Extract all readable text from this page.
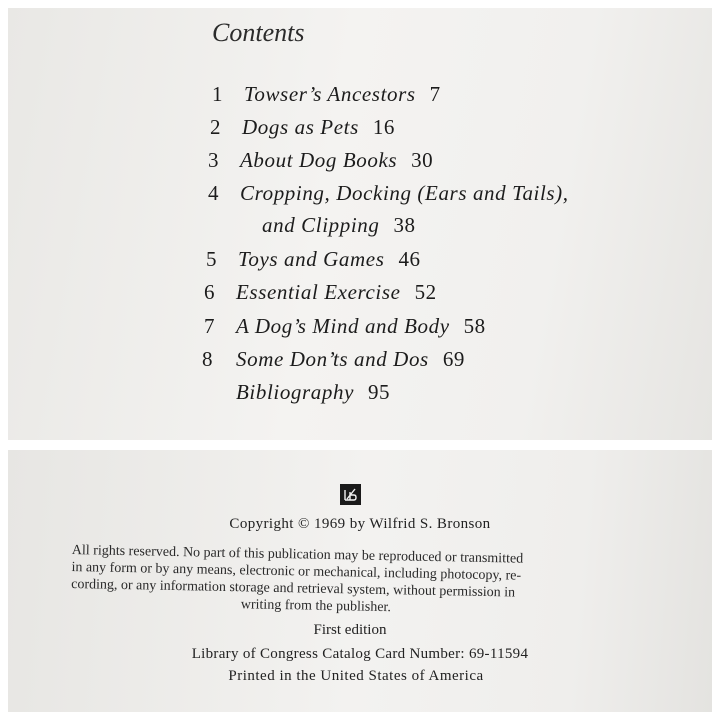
Contents
1	Towser’s Ancestors 7
2	Dogs as Pets 16
3	About Dog Books 30
4	Cropping, Docking (Ears and Tails),
and Clipping 38
5	Toys and Games 46
6	Essential Exercise 52
7	A Dog’s Mind and Body 58
8	Some Don’ts and Dos 69
Bibliography 95
Copyright © 1969 by Wilfrid S. Bronson
All rights reserved. No part of this publication may be reproduced or transmitted
in any form or by any means, electronic or mechanical, including photocopy, re-
cording, or any information storage and retrieval system, without permission in
writing from the publisher.
First edition
Library of Congress Catalog Card Number: 69-11594
Printed in the United States of America
